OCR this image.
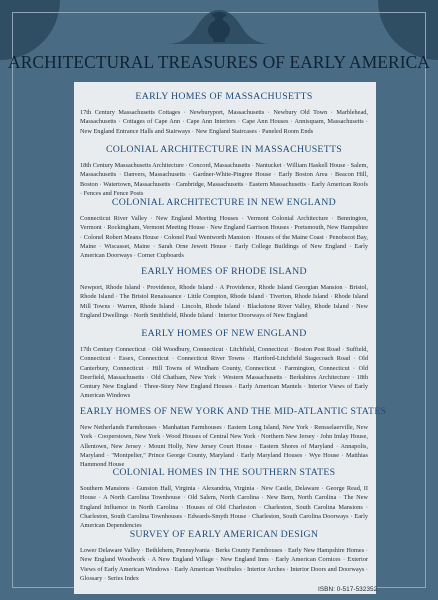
ARCHITECTURAL TREASURES OF EARLY AMERICA
EARLY HOMES OF MASSACHUSETTS

17th Century Massachusetts Cottages · Newburyport, Massachusetts · Newbury Old Town · Marblehead, Massachusetts · Cottages of Cape Ann · Cape Ann Interiors · Cape Ann Houses · Annisquam, Massachusetts · New England Entrance Halls and Stairways · New England Staircases · Paneled Room Ends

COLONIAL ARCHITECTURE IN MASSACHUSETTS

18th Century Massachusetts Architecture · Concord, Massachusetts · Nantucket · William Haskell House · Salem, Massachusetts · Danvers, Massachusetts · Gardner-White-Pingree House · Early Boston Area · Beacon Hill, Boston · Watertown, Massachusetts · Cambridge, Massachusetts · Eastern Massachusetts · Early American Roofs · Fences and Fence Posts

COLONIAL ARCHITECTURE IN NEW ENGLAND

Connecticut River Valley · New England Meeting Houses · Vermont Colonial Architecture · Bennington, Vermont · Rockingham, Vermont Meeting House · New England Garrison Houses · Portsmouth, New Hampshire · Colonel Robert Means House · Colonel Paul Wentworth Mansion · Houses of the Maine Coast · Penobscot Bay, Maine · Wiscasset, Maine · Sarah Orne Jewett House · Early College Buildings of New England · Early American Doorways · Corner Cupboards

EARLY HOMES OF RHODE ISLAND

Newport, Rhode Island · Providence, Rhode Island · A Providence, Rhode Island Georgian Mansion · Bristol, Rhode Island · The Bristol Renaissance · Little Compton, Rhode Island · Tiverton, Rhode Island · Rhode Island Mill Towns · Warren, Rhode Island · Lincoln, Rhode Island · Blackstone River Valley, Rhode Island · New England Dwellings · North Smithfield, Rhode Island · Interior Doorways of New England

EARLY HOMES OF NEW ENGLAND

17th Century Connecticut · Old Woodbury, Connecticut · Litchfield, Connecticut · Boston Post Road · Suffield, Connecticut · Essex, Connecticut · Connecticut River Towns · Hartford-Litchfield Stagecoach Road · Old Canterbury, Connecticut · Hill Towns of Windham County, Connecticut · Farmington, Connecticut · Old Deerfield, Massachusetts · Old Chatham, New York · Western Massachusetts · Berkshires Architecture · 18th Century New England · Three-Story New England Houses · Early American Mantels · Interior Views of Early American Windows

EARLY HOMES OF NEW YORK AND THE MID-ATLANTIC STATES

New Netherlands Farmhouses · Manhattan Farmhouses · Eastern Long Island, New York · Rensselaerville, New York · Cooperstown, New York · Wood Houses of Central New York · Northern New Jersey · John Imlay House, Allentown, New Jersey · Mount Holly, New Jersey Court House · Eastern Shores of Maryland · Annapolis, Maryland · "Montpelier," Prince George County, Maryland · Early Maryland Houses · Wye House · Matthias Hammond House

COLONIAL HOMES IN THE SOUTHERN STATES

Southern Mansions · Gunston Hall, Virginia · Alexandria, Virginia · New Castle, Delaware · George Read, II House · A North Carolina Townhouse · Old Salem, North Carolina · New Bern, North Carolina · The New England Influence in North Carolina · Houses of Old Charleston · Charleston, South Carolina Mansions · Charleston, South Carolina Townhouses · Edwards-Smyth House · Charleston, South Carolina Doorways · Early American Dependencies

SURVEY OF EARLY AMERICAN DESIGN

Lower Delaware Valley · Bethlehem, Pennsylvania · Berks County Farmhouses · Early New Hampshire Homes · New England Woodwork · A New England Village · New England Inns · Early American Cornices · Exterior Views of Early American Windows · Early American Vestibules · Interior Arches · Interior Doors and Doorways · Glossary · Series Index

ISBN: 0-517-532352
